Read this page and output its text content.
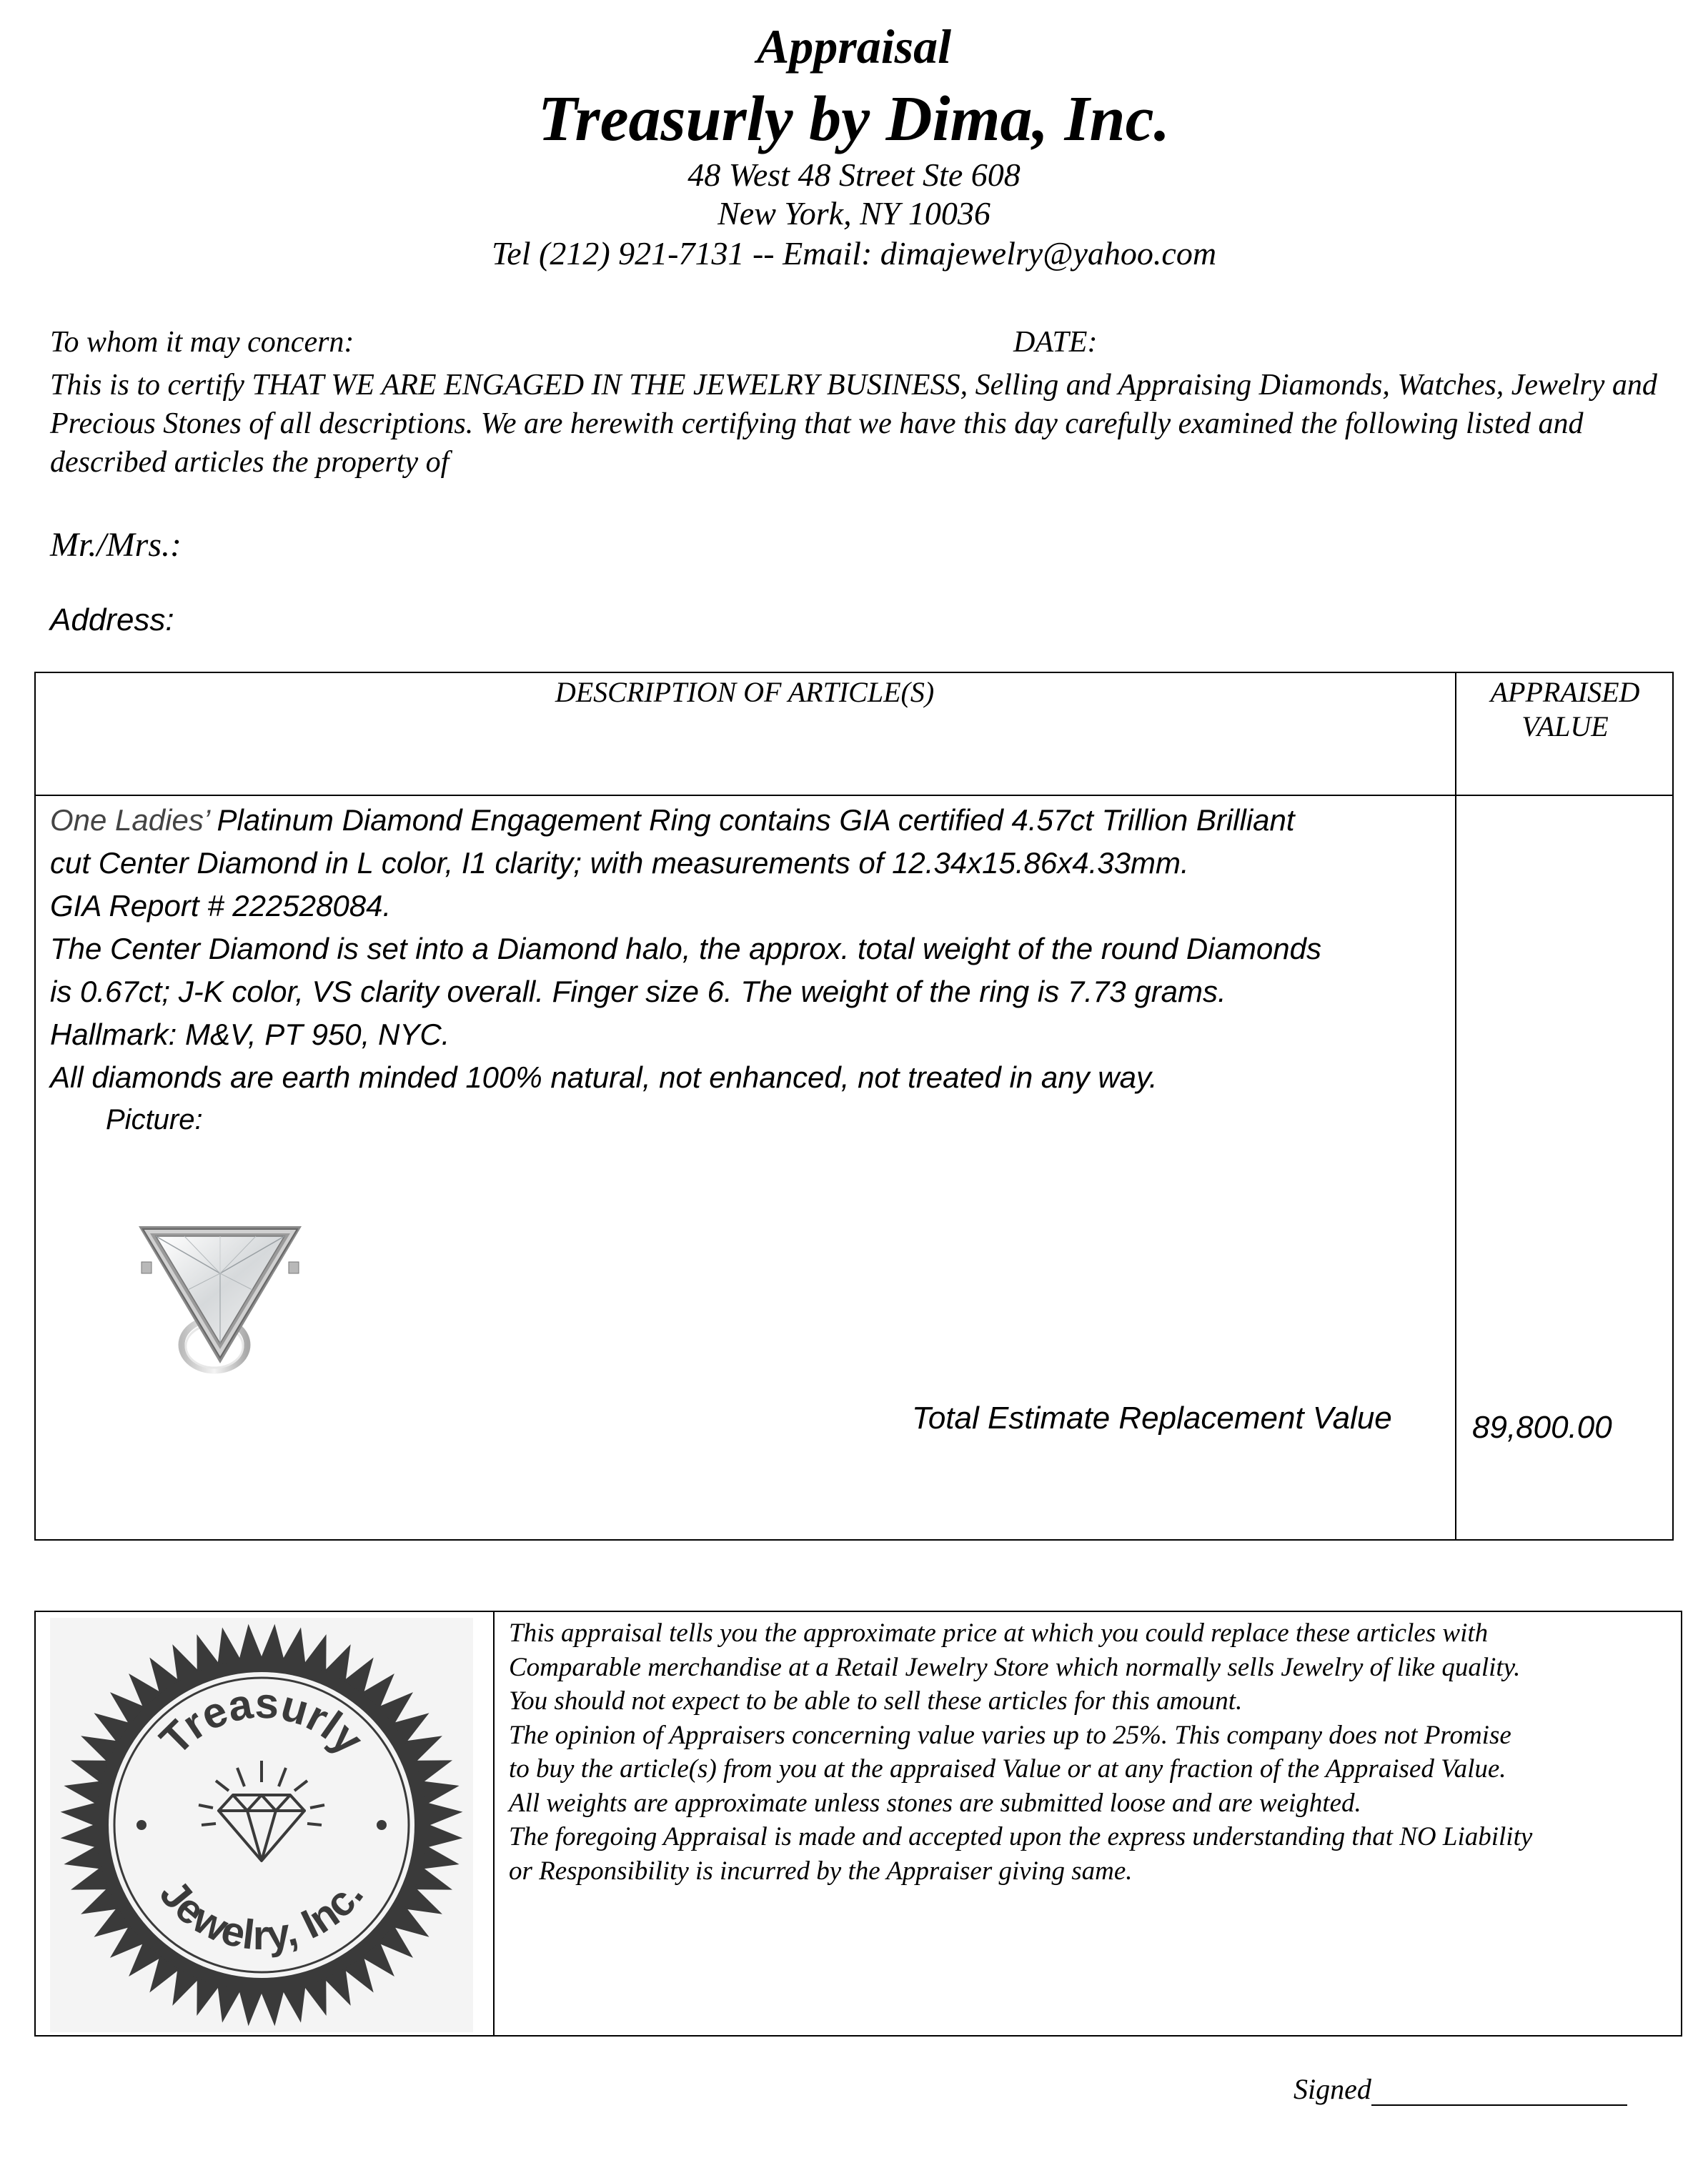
Appraisal
Treasurly by Dima, Inc.
48 West 48 Street Ste 608
New York, NY 10036
Tel (212) 921-7131 -- Email: dimajewelry@yahoo.com
To whom it may concern:	DATE:
This is to certify THAT WE ARE ENGAGED IN THE JEWELRY BUSINESS, Selling and Appraising Diamonds, Watches, Jewelry and Precious Stones of all descriptions. We are herewith certifying that we have this day carefully examined the following listed and described articles the property of
Mr./Mrs.:
Address:
DESCRIPTION OF ARTICLE(S)	APPRAISED
VALUE
One Ladies’ Platinum Diamond Engagement Ring contains GIA certified 4.57ct Trillion Brilliant
cut Center Diamond in L color, I1 clarity; with measurements of 12.34x15.86x4.33mm.
GIA Report # 222528084.
The Center Diamond is set into a Diamond halo, the approx. total weight of the round Diamonds
is 0.67ct; J-K color, VS clarity overall. Finger size 6. The weight of the ring is 7.73 grams.
Hallmark: M&V, PT 950, NYC.
All diamonds are earth minded 100% natural, not enhanced, not treated in any way.
Picture:
Total Estimate Replacement Value	89,800.00
Treasurly
Jewelry, Inc.
This appraisal tells you the approximate price at which you could replace these articles with
Comparable merchandise at a Retail Jewelry Store which normally sells Jewelry of like quality.
You should not expect to be able to sell these articles for this amount.
The opinion of Appraisers concerning value varies up to 25%. This company does not Promise
to buy the article(s) from you at the appraised Value or at any fraction of the Appraised Value.
All weights are approximate unless stones are submitted loose and are weighted.
The foregoing Appraisal is made and accepted upon the express understanding that NO Liability
or Responsibility is incurred by the Appraiser giving same.
Signed
